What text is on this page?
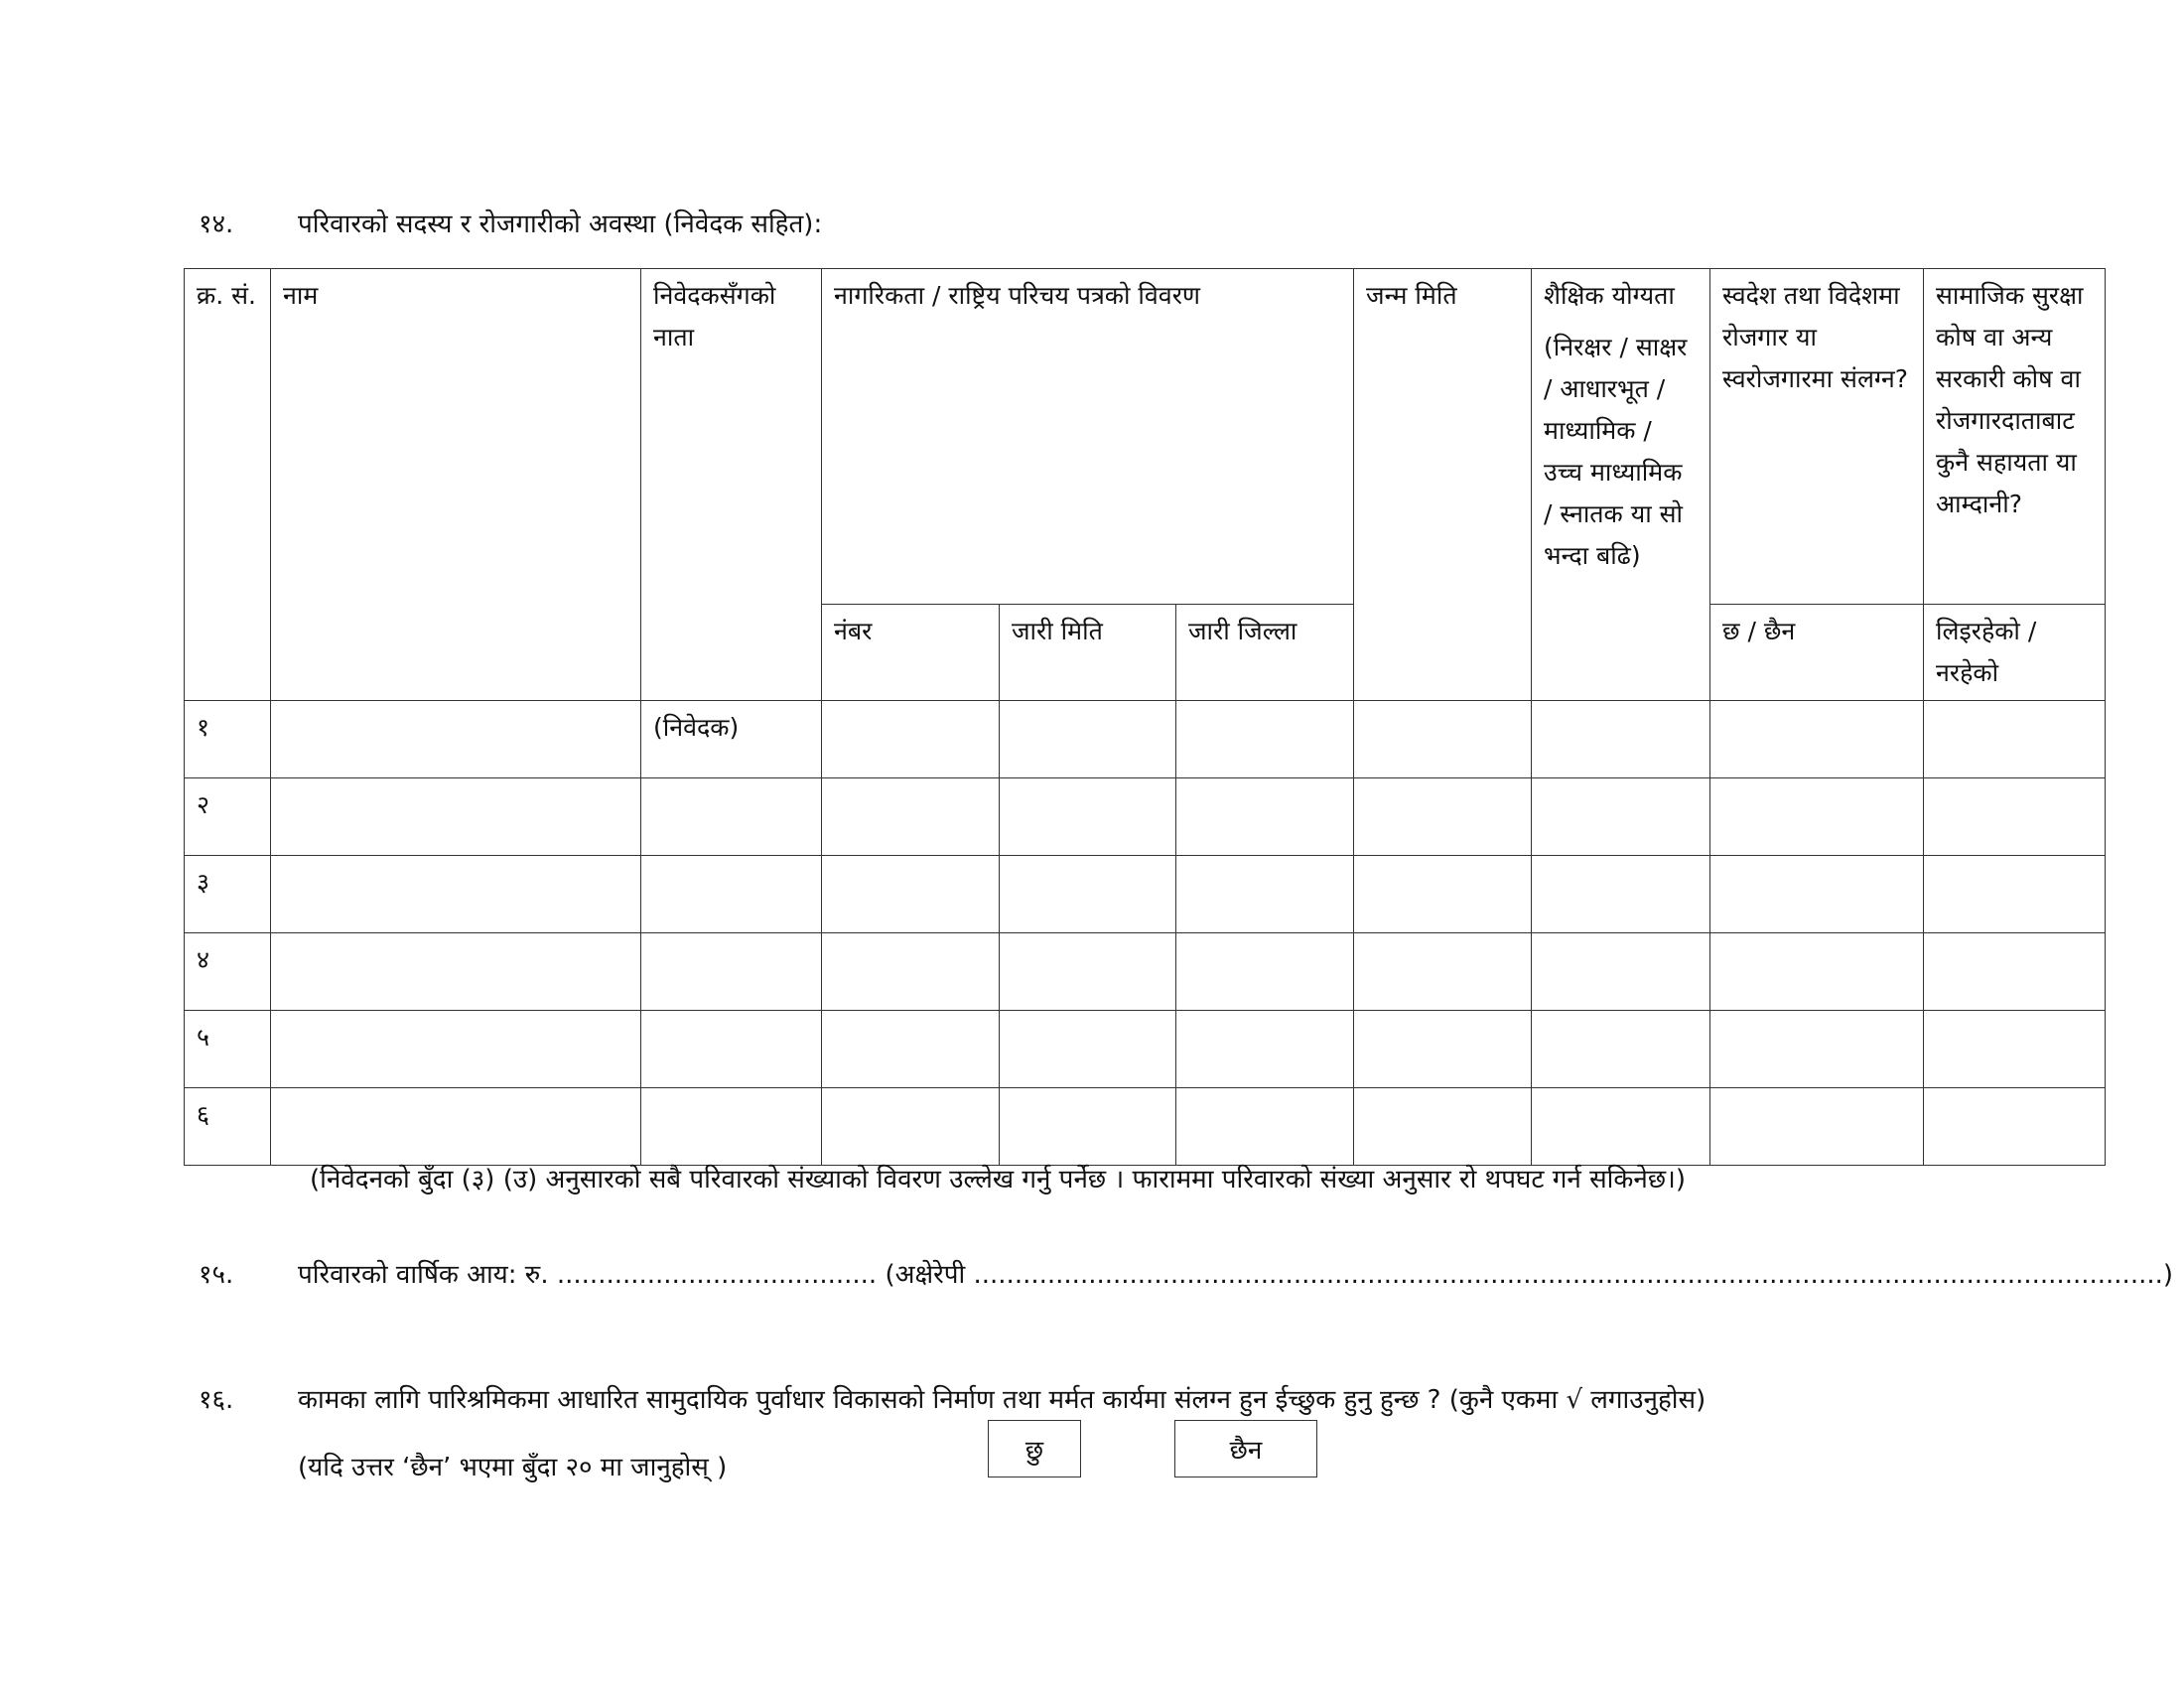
१४. परिवारको सदस्य र रोजगारीको अवस्था (निवेदक सहित):
क्र. सं.	नाम	निवेदकसँगको नाता	नागरिकता / राष्ट्रिय परिचय पत्रको विवरण			जन्म मिति	शैक्षिक योग्यता
(निरक्षर / साक्षर / आधारभूत / माध्यामिक / उच्च माध्यामिक / स्नातक या सो भन्दा बढि)	स्वदेश तथा विदेशमा रोजगार या स्वरोजगारमा संलग्न?	सामाजिक सुरक्षा कोष वा अन्य सरकारी कोष वा रोजगारदाताबाट कुनै सहायता या आम्दानी?
			नंबर	जारी मिति	जारी जिल्ला			छ / छैन	लिइरहेको / नरहेको
१		(निवेदक)							
२									
३									
४									
५									
६									
(निवेदनको बुँदा (३) (उ) अनुसारको सबै परिवारको संख्याको विवरण उल्लेख गर्नु पर्नेछ । फाराममा परिवारको संख्या अनुसार रो थपघट गर्न सकिनेछ।)
१५. परिवारको वार्षिक आय: रु. ....................................... (अक्षेरेपी .................................................................................................................................................)
१६. कामका लागि पारिश्रमिकमा आधारित सामुदायिक पुर्वाधार विकासको निर्माण तथा मर्मत कार्यमा संलग्न हुन ईच्छुक हुनु हुन्छ ? (कुनै एकमा √ लगाउनुहोस)
(यदि उत्तर ‘छैन’ भएमा बुँदा २० मा जानुहोस् )
छु	छैन
